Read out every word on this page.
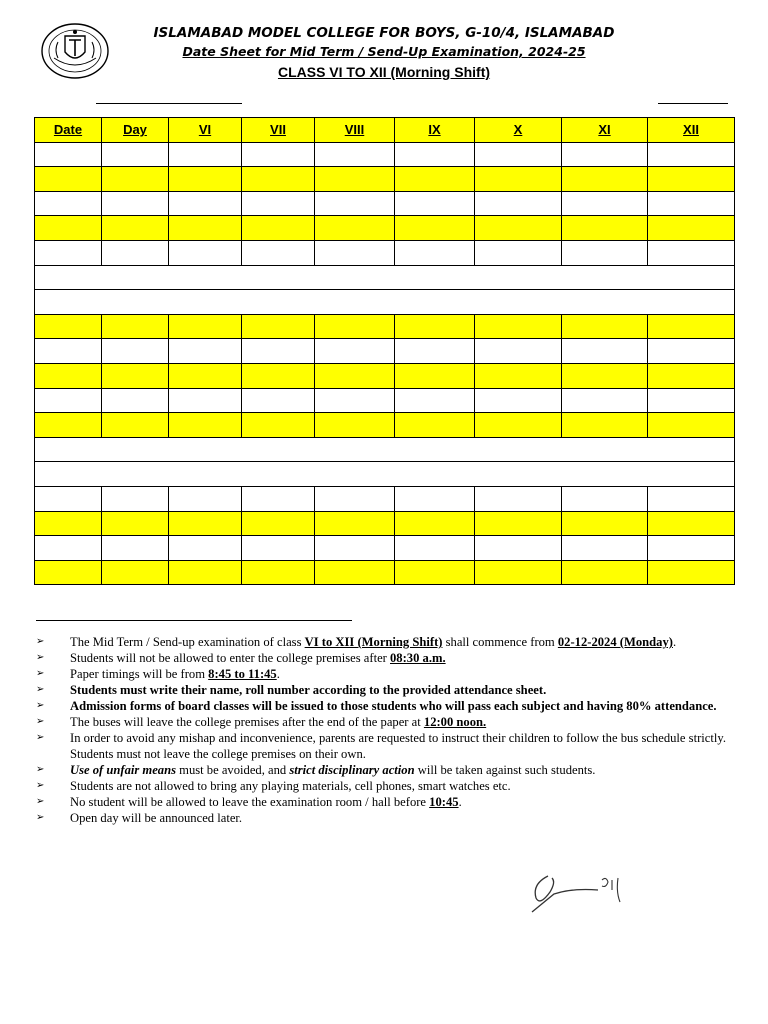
ISLAMABAD MODEL COLLEGE FOR BOYS, G-10/4, ISLAMABAD
Date Sheet for Mid Term / Send-Up Examination, 2024-25
CLASS VI TO XII (Morning Shift)
Date	Day	VI	VII	VIII	IX	X	XI	XII

➢ The Mid Term / Send-up examination of class VI to XII (Morning Shift) shall commence from 02-12-2024 (Monday).
➢ Students will not be allowed to enter the college premises after 08:30 a.m.
➢ Paper timings will be from 8:45 to 11:45.
➢ Students must write their name, roll number according to the provided attendance sheet.
➢ Admission forms of board classes will be issued to those students who will pass each subject and having 80% attendance.
➢ The buses will leave the college premises after the end of the paper at 12:00 noon.
➢ In order to avoid any mishap and inconvenience, parents are requested to instruct their children to follow the bus schedule strictly. Students must not leave the college premises on their own.
➢ Use of unfair means must be avoided, and strict disciplinary action will be taken against such students.
➢ Students are not allowed to bring any playing materials, cell phones, smart watches etc.
➢ No student will be allowed to leave the examination room / hall before 10:45.
➢ Open day will be announced later.
